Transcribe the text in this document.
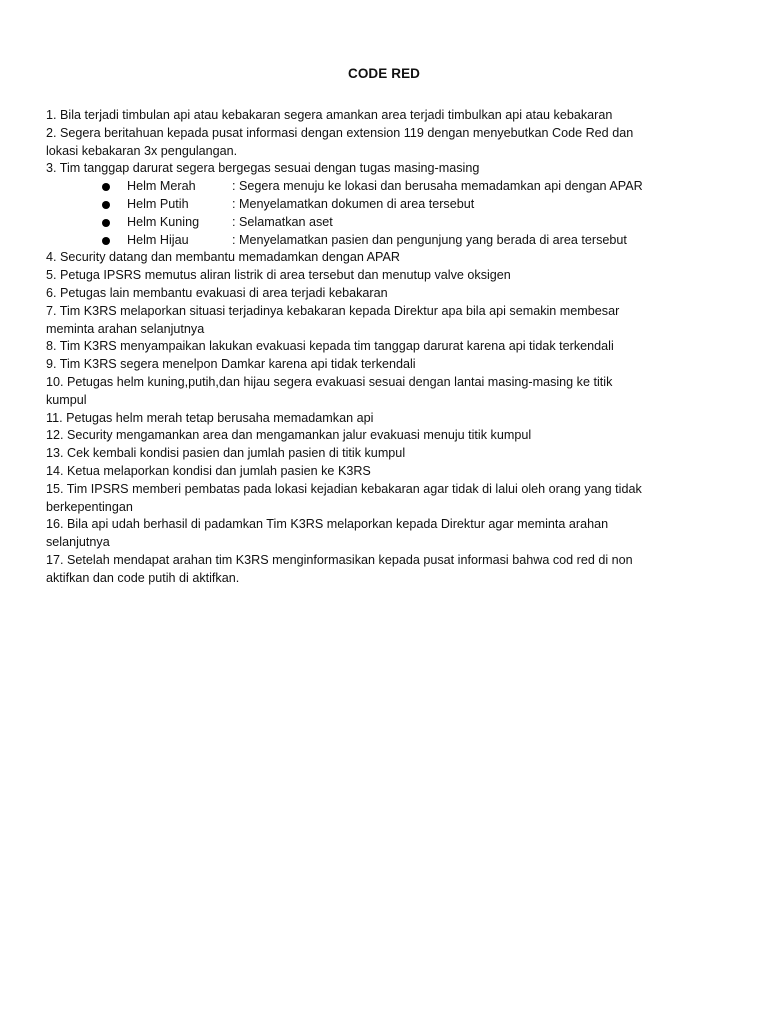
CODE RED
1. Bila terjadi timbulan api atau kebakaran segera amankan area terjadi timbulkan api atau kebakaran
2. Segera beritahuan kepada pusat informasi dengan extension 119 dengan menyebutkan Code Red dan
lokasi kebakaran 3x pengulangan.
3. Tim tanggap darurat segera bergegas sesuai dengan tugas masing-masing
Helm Merah	: Segera menuju ke lokasi dan berusaha memadamkan api dengan APAR
Helm Putih	: Menyelamatkan dokumen di area tersebut
Helm Kuning	: Selamatkan aset
Helm Hijau	: Menyelamatkan pasien dan pengunjung yang berada di area tersebut
4. Security datang dan membantu memadamkan dengan APAR
5. Petuga IPSRS memutus aliran listrik di area tersebut dan menutup valve oksigen
6. Petugas lain membantu evakuasi di area terjadi kebakaran
7. Tim K3RS melaporkan situasi terjadinya kebakaran kepada Direktur apa bila api semakin membesar
meminta arahan selanjutnya
8. Tim K3RS menyampaikan lakukan evakuasi kepada tim tanggap darurat karena api tidak terkendali
9. Tim K3RS segera menelpon Damkar karena api tidak terkendali
10. Petugas helm kuning,putih,dan hijau segera evakuasi sesuai dengan lantai masing-masing ke titik
kumpul
11. Petugas helm merah tetap berusaha memadamkan api
12. Security mengamankan area dan mengamankan jalur evakuasi menuju titik kumpul
13. Cek kembali kondisi pasien dan jumlah pasien di titik kumpul
14. Ketua melaporkan kondisi dan jumlah pasien ke K3RS
15. Tim IPSRS memberi pembatas pada lokasi kejadian kebakaran agar tidak di lalui oleh orang yang tidak
berkepentingan
16. Bila api udah berhasil di padamkan Tim K3RS melaporkan kepada Direktur agar meminta arahan
selanjutnya
17. Setelah mendapat arahan tim K3RS menginformasikan kepada pusat informasi bahwa cod red di non
aktifkan dan code putih di aktifkan.
